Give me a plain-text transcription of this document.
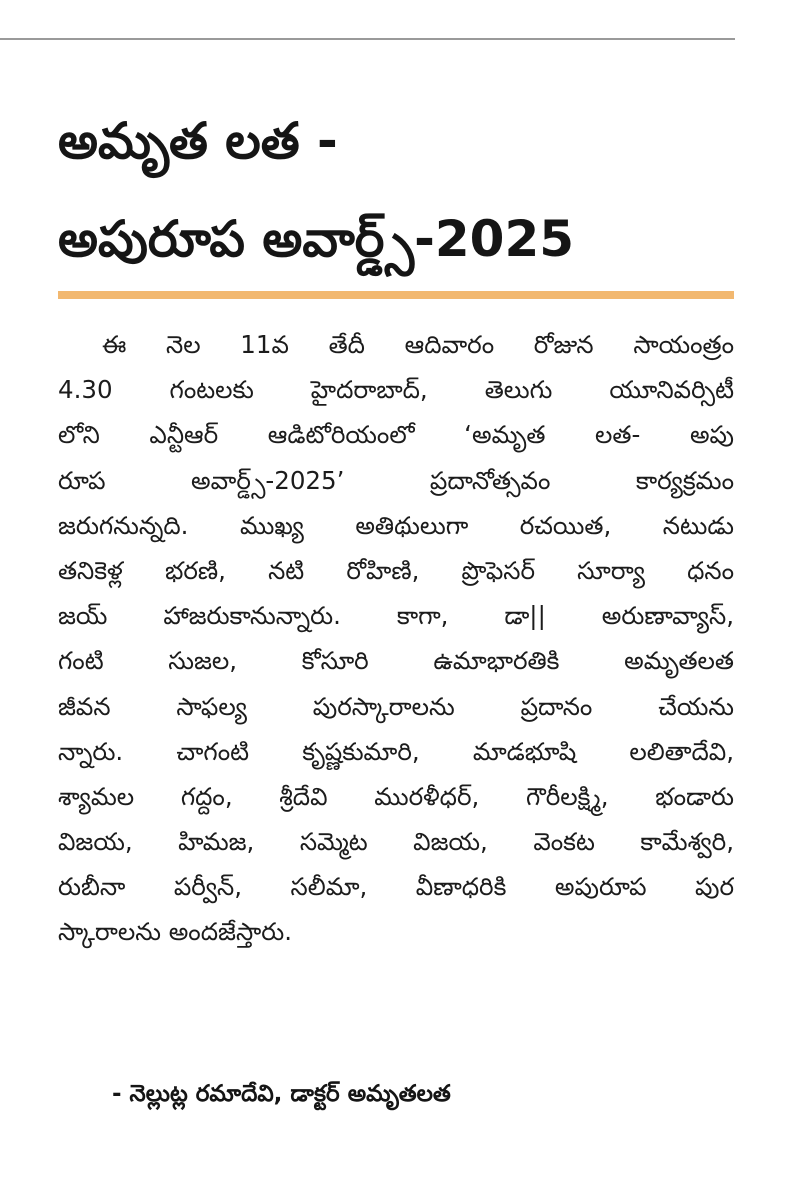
అమృత లత -
అపురూప అవార్డ్స్-2025
ఈ నెల 11వ తేదీ ఆదివారం రోజున సాయంత్రం
4.30 గంటలకు హైదరాబాద్, తెలుగు యూనివర్సిటీ
లోని ఎన్టీఆర్ ఆడిటోరియంలో ‘అమృత లత- అపు
రూప అవార్డ్స్-2025’ ప్రదానోత్సవం కార్యక్రమం
జరుగనున్నది. ముఖ్య అతిథులుగా రచయిత, నటుడు
తనికెళ్ల భరణి, నటి రోహిణి, ప్రొఫెసర్ సూర్యా ధనం
జయ్ హాజరుకానున్నారు. కాగా, డా|| అరుణావ్యాస్,
గంటి సుజల, కోసూరి ఉమాభారతికి అమృతలత
జీవన సాఫల్య పురస్కారాలను ప్రదానం చేయను
న్నారు. చాగంటి కృష్ణకుమారి, మాడభూషి లలితాదేవి,
శ్యామల గద్దం, శ్రీదేవి మురళీధర్, గౌరీలక్ష్మి, భండారు
విజయ, హిమజ, సమ్మెట విజయ, వెంకట కామేశ్వరి,
రుబీనా పర్వీన్, సలీమా, వీణాధరికి అపురూప పుర
స్కారాలను అందజేస్తారు.
- నెల్లుట్ల రమాదేవి, డాక్టర్ అమృతలత
